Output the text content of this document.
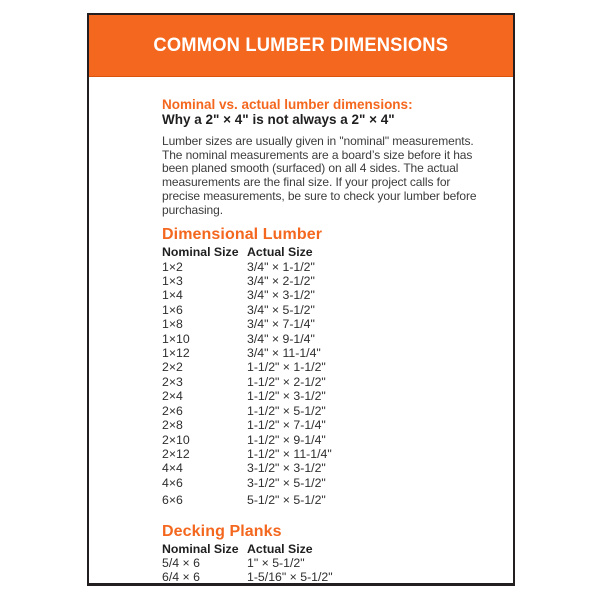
COMMON LUMBER DIMENSIONS
Nominal vs. actual lumber dimensions:
Why a 2" × 4" is not always a 2" × 4"

Lumber sizes are usually given in "nominal" measurements. The nominal measurements are a board’s size before it has been planed smooth (surfaced) on all 4 sides. The actual measurements are the final size. If your project calls for precise measurements, be sure to check your lumber before purchasing.

Dimensional Lumber
Nominal Size	Actual Size
1×2	3/4" × 1-1/2"
1×3	3/4" × 2-1/2"
1×4	3/4" × 3-1/2"
1×6	3/4" × 5-1/2"
1×8	3/4" × 7-1/4"
1×10	3/4" × 9-1/4"
1×12	3/4" × 11-1/4"
2×2	1-1/2" × 1-1/2"
2×3	1-1/2" × 2-1/2"
2×4	1-1/2" × 3-1/2"
2×6	1-1/2" × 5-1/2"
2×8	1-1/2" × 7-1/4"
2×10	1-1/2" × 9-1/4"
2×12	1-1/2" × 11-1/4"
4×4	3-1/2" × 3-1/2"
4×6	3-1/2" × 5-1/2"
6×6	5-1/2" × 5-1/2"
Decking Planks
Nominal Size	Actual Size
5/4 × 6	1" × 5-1/2"
6/4 × 6	1-5/16" × 5-1/2"
